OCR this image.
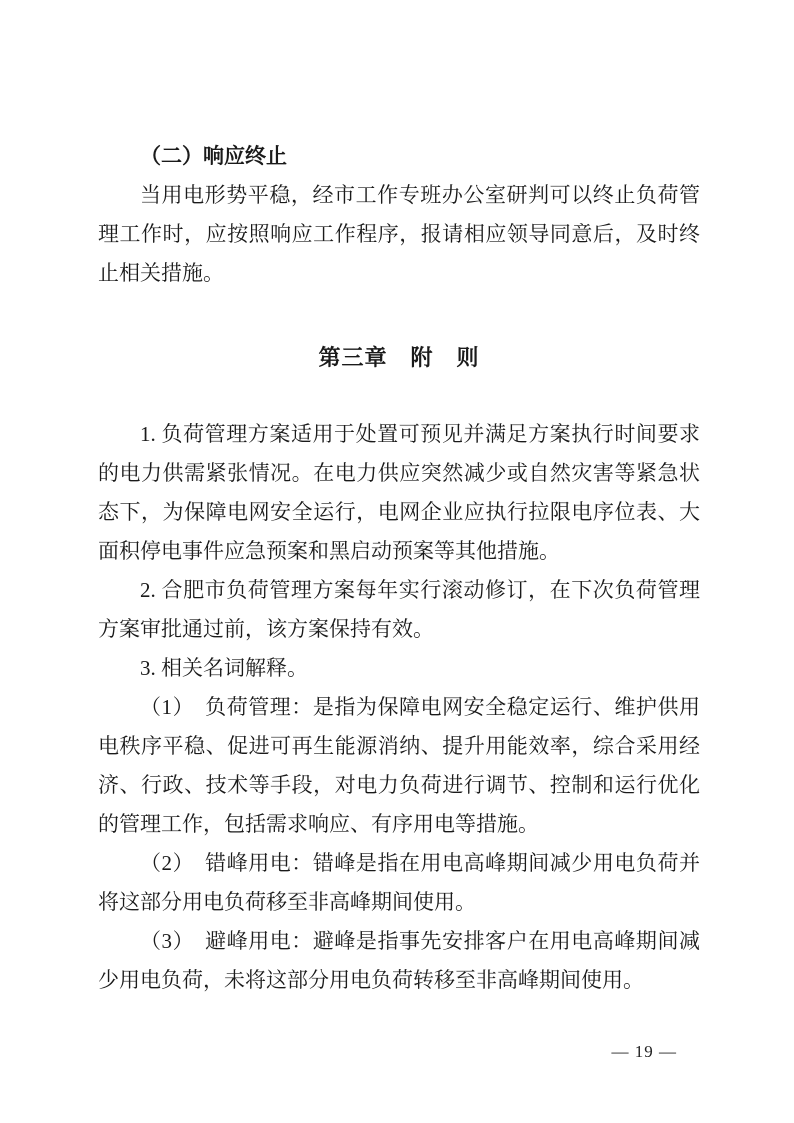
（二）响应终止

当用电形势平稳，经市工作专班办公室研判可以终止负荷管理工作时，应按照响应工作程序，报请相应领导同意后，及时终止相关措施。

第三章　附　则

1. 负荷管理方案适用于处置可预见并满足方案执行时间要求的电力供需紧张情况。在电力供应突然减少或自然灾害等紧急状态下，为保障电网安全运行，电网企业应执行拉限电序位表、大面积停电事件应急预案和黑启动预案等其他措施。

2. 合肥市负荷管理方案每年实行滚动修订，在下次负荷管理方案审批通过前，该方案保持有效。

3. 相关名词解释。

（1）　负荷管理：是指为保障电网安全稳定运行、维护供用电秩序平稳、促进可再生能源消纳、提升用能效率，综合采用经济、行政、技术等手段，对电力负荷进行调节、控制和运行优化的管理工作，包括需求响应、有序用电等措施。

（2）　错峰用电：错峰是指在用电高峰期间减少用电负荷并将这部分用电负荷移至非高峰期间使用。

（3）　避峰用电：避峰是指事先安排客户在用电高峰期间减少用电负荷，未将这部分用电负荷转移至非高峰期间使用。

— 19 —
